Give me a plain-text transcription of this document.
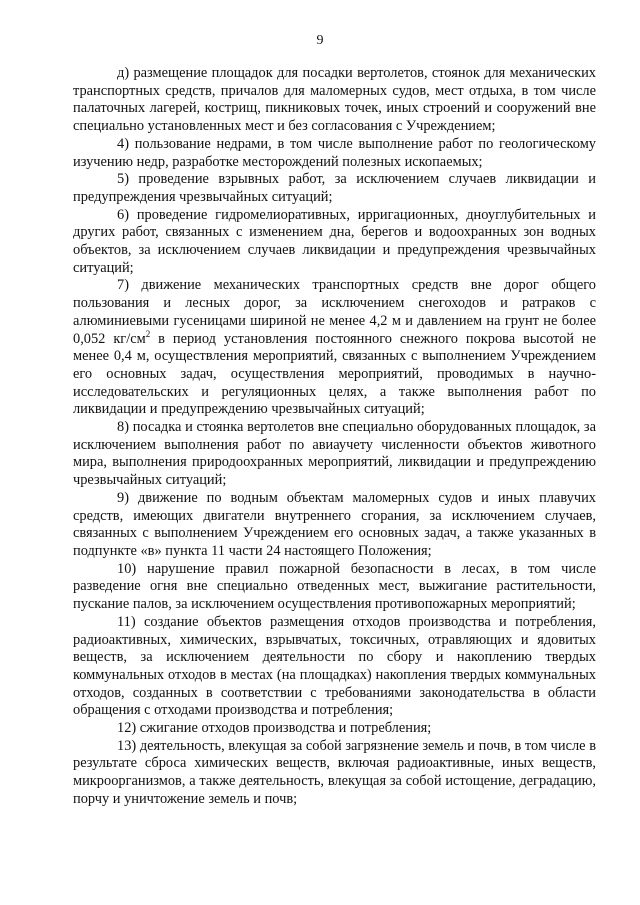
9

д) размещение площадок для посадки вертолетов, стоянок для механических транспортных средств, причалов для маломерных судов, мест отдыха, в том числе палаточных лагерей, кострищ, пикниковых точек, иных строений и сооружений вне специально установленных мест и без согласования с Учреждением;

4) пользование недрами, в том числе выполнение работ по геологическому изучению недр, разработке месторождений полезных ископаемых;

5) проведение взрывных работ, за исключением случаев ликвидации и предупреждения чрезвычайных ситуаций;

6) проведение гидромелиоративных, ирригационных, дноуглубительных и других работ, связанных с изменением дна, берегов и водоохранных зон водных объектов, за исключением случаев ликвидации и предупреждения чрезвычайных ситуаций;

7) движение механических транспортных средств вне дорог общего пользования и лесных дорог, за исключением снегоходов и ратраков с алюминиевыми гусеницами шириной не менее 4,2 м и давлением на грунт не более 0,052 $кг/см^2$ в период установления постоянного снежного покрова высотой не менее 0,4 м, осуществления мероприятий, связанных с выполнением Учреждением его основных задач, осуществления мероприятий, проводимых в научно-исследовательских и регуляционных целях, а также выполнения работ по ликвидации и предупреждению чрезвычайных ситуаций;

8) посадка и стоянка вертолетов вне специально оборудованных площадок, за исключением выполнения работ по авиаучету численности объектов животного мира, выполнения природоохранных мероприятий, ликвидации и предупреждению чрезвычайных ситуаций;

9) движение по водным объектам маломерных судов и иных плавучих средств, имеющих двигатели внутреннего сгорания, за исключением случаев, связанных с выполнением Учреждением его основных задач, а также указанных в подпункте «в» пункта 11 части 24 настоящего Положения;

10) нарушение правил пожарной безопасности в лесах, в том числе разведение огня вне специально отведенных мест, выжигание растительности, пускание палов, за исключением осуществления противопожарных мероприятий;

11) создание объектов размещения отходов производства и потребления, радиоактивных, химических, взрывчатых, токсичных, отравляющих и ядовитых веществ, за исключением деятельности по сбору и накоплению твердых коммунальных отходов в местах (на площадках) накопления твердых коммунальных отходов, созданных в соответствии с требованиями законодательства в области обращения с отходами производства и потребления;

12) сжигание отходов производства и потребления;

13) деятельность, влекущая за собой загрязнение земель и почв, в том числе в результате сброса химических веществ, включая радиоактивные, иных веществ, микроорганизмов, а также деятельность, влекущая за собой истощение, деградацию, порчу и уничтожение земель и почв;
